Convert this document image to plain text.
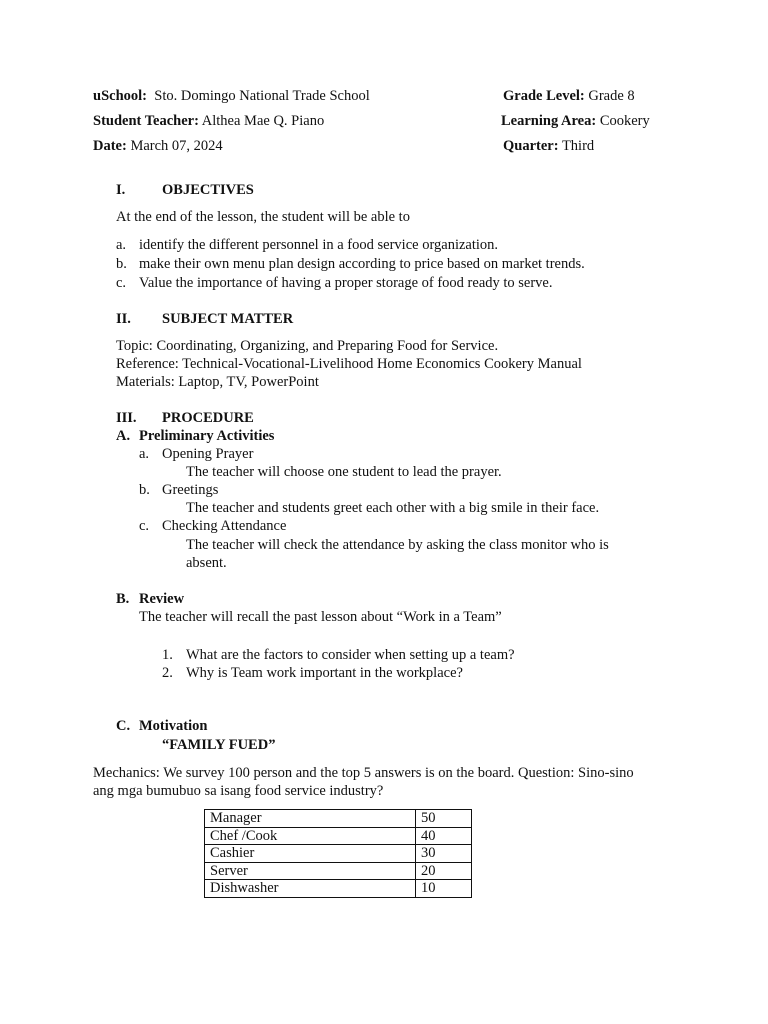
uSchool: Sto. Domingo National Trade School	Grade Level: Grade 8
Student Teacher: Althea Mae Q. Piano	Learning Area: Cookery
Date: March 07, 2024	Quarter: Third
I.	OBJECTIVES
At the end of the lesson, the student will be able to
a. identify the different personnel in a food service organization.
b. make their own menu plan design according to price based on market trends.
c. Value the importance of having a proper storage of food ready to serve.
II. SUBJECT MATTER
Topic: Coordinating, Organizing, and Preparing Food for Service.
Reference: Technical-Vocational-Livelihood Home Economics Cookery Manual
Materials: Laptop, TV, PowerPoint
III. PROCEDURE
A. Preliminary Activities
a. Opening Prayer
The teacher will choose one student to lead the prayer.
b. Greetings
The teacher and students greet each other with a big smile in their face.
c. Checking Attendance
The teacher will check the attendance by asking the class monitor who is
absent.
B. Review
The teacher will recall the past lesson about “Work in a Team”
1. What are the factors to consider when setting up a team?
2. Why is Team work important in the workplace?
C. Motivation
“FAMILY FUED”
Mechanics: We survey 100 person and the top 5 answers is on the board. Question: Sino-sino
ang mga bumubuo sa isang food service industry?
Manager	50
Chef /Cook	40
Cashier	30
Server	20
Dishwasher	10
